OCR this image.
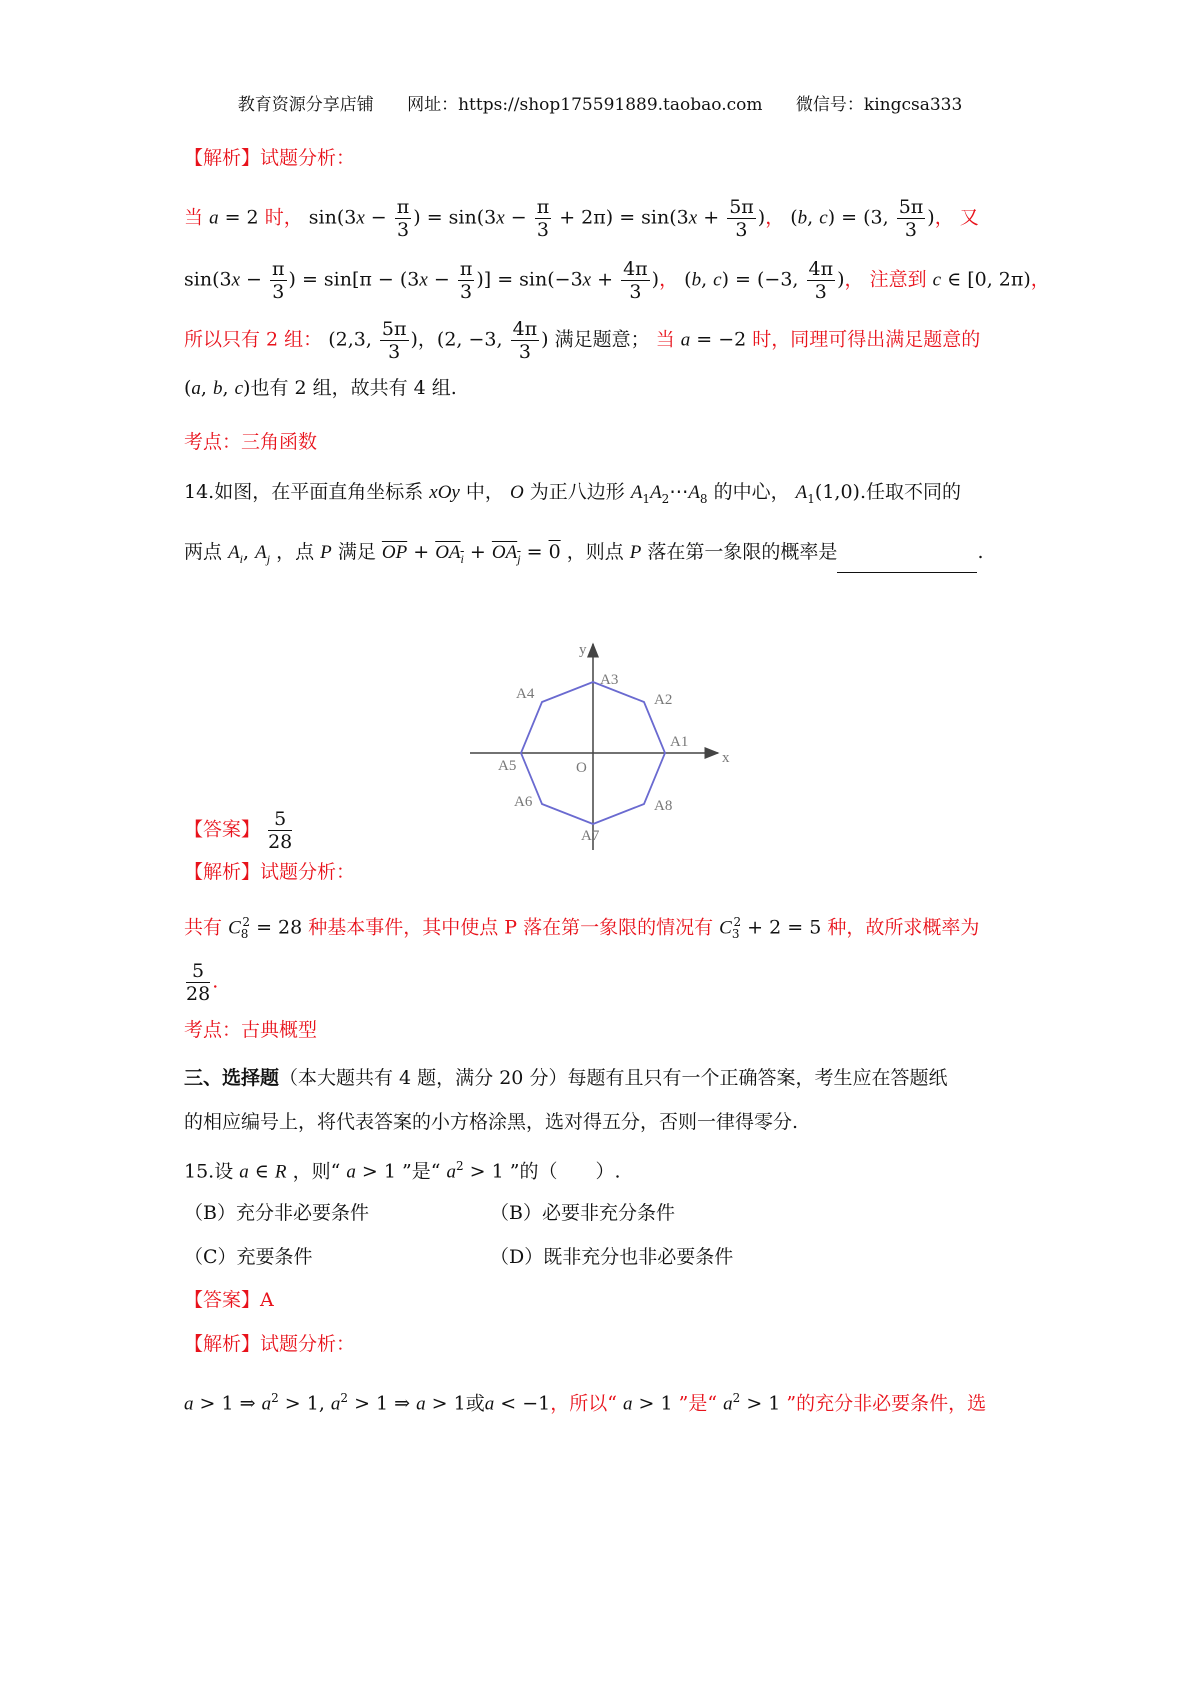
教育资源分享店铺 网址：https://shop175591889.taobao.com 微信号：kingcsa333
【解析】试题分析：
当 a = 2 时， $\sin(3x - \frac{\pi}{3}$ ) = $\sin(3x - \frac{\pi}{3} + 2\pi) = \sin(3x + \frac{5\pi}{3}$ )， (b, c) = (3, $\frac{5\pi}{3}$ )， 又
$\sin(3x - \frac{\pi}{3}$ ) = $\sin[\pi - (3x - \frac{\pi}{3}$ )] = $\sin(-3x + \frac{4\pi}{3}$ )， (b, c) = (−3, $\frac{4\pi}{3}$ )， 注意到 c ∈ [0, 2π)，
所以只有 2 组： (2,3, $\frac{5\pi}{3}$ )，(2, −3, $\frac{4\pi}{3}$ ) 满足题意； 当 a = −2 时，同理可得出满足题意的
(a, b, c)也有 2 组，故共有 4 组.
考点：三角函数
14.如图，在平面直角坐标系 xOy 中， O 为正八边形 $A_1A_2\cdots A_8$ 的中心， $A_1(1,0)$.任取不同的
两点 $A_i$, $A_j$ ，点 P 满足 $\overline{OP} + OA_i + OA_j = 0$ ，则点 P 落在第一象限的概率是	.
y
x
O
A1
A2
A3
A4
A5
A6
A7
A8
【答案】 $\frac{5}{28}$
【解析】试题分析：
共有 $C_8^2 = 28$ 种基本事件，其中使点 P 落在第一象限的情况有 $C_3^2 + 2 = 5$ 种，故所求概率为
$\frac{5}{28}$ .
考点：古典概型
三、选择题（本大题共有 4 题，满分 20 分）每题有且只有一个正确答案，考生应在答题纸
的相应编号上，将代表答案的小方格涂黑，选对得五分，否则一律得零分.
15.设 a ∈ R ，则“ a > 1 ”是“ $a^2 > 1$ ”的（　　）.
（B）充分非必要条件	（B）必要非充分条件
（C）充要条件	（D）既非充分也非必要条件
【答案】A
【解析】试题分析：
a > 1 ⇒ $a^2 > 1$, $a^2 > 1$ ⇒ a > 1或a < −1，所以“ a > 1 ”是“ $a^2 > 1$ ”的充分非必要条件，选
